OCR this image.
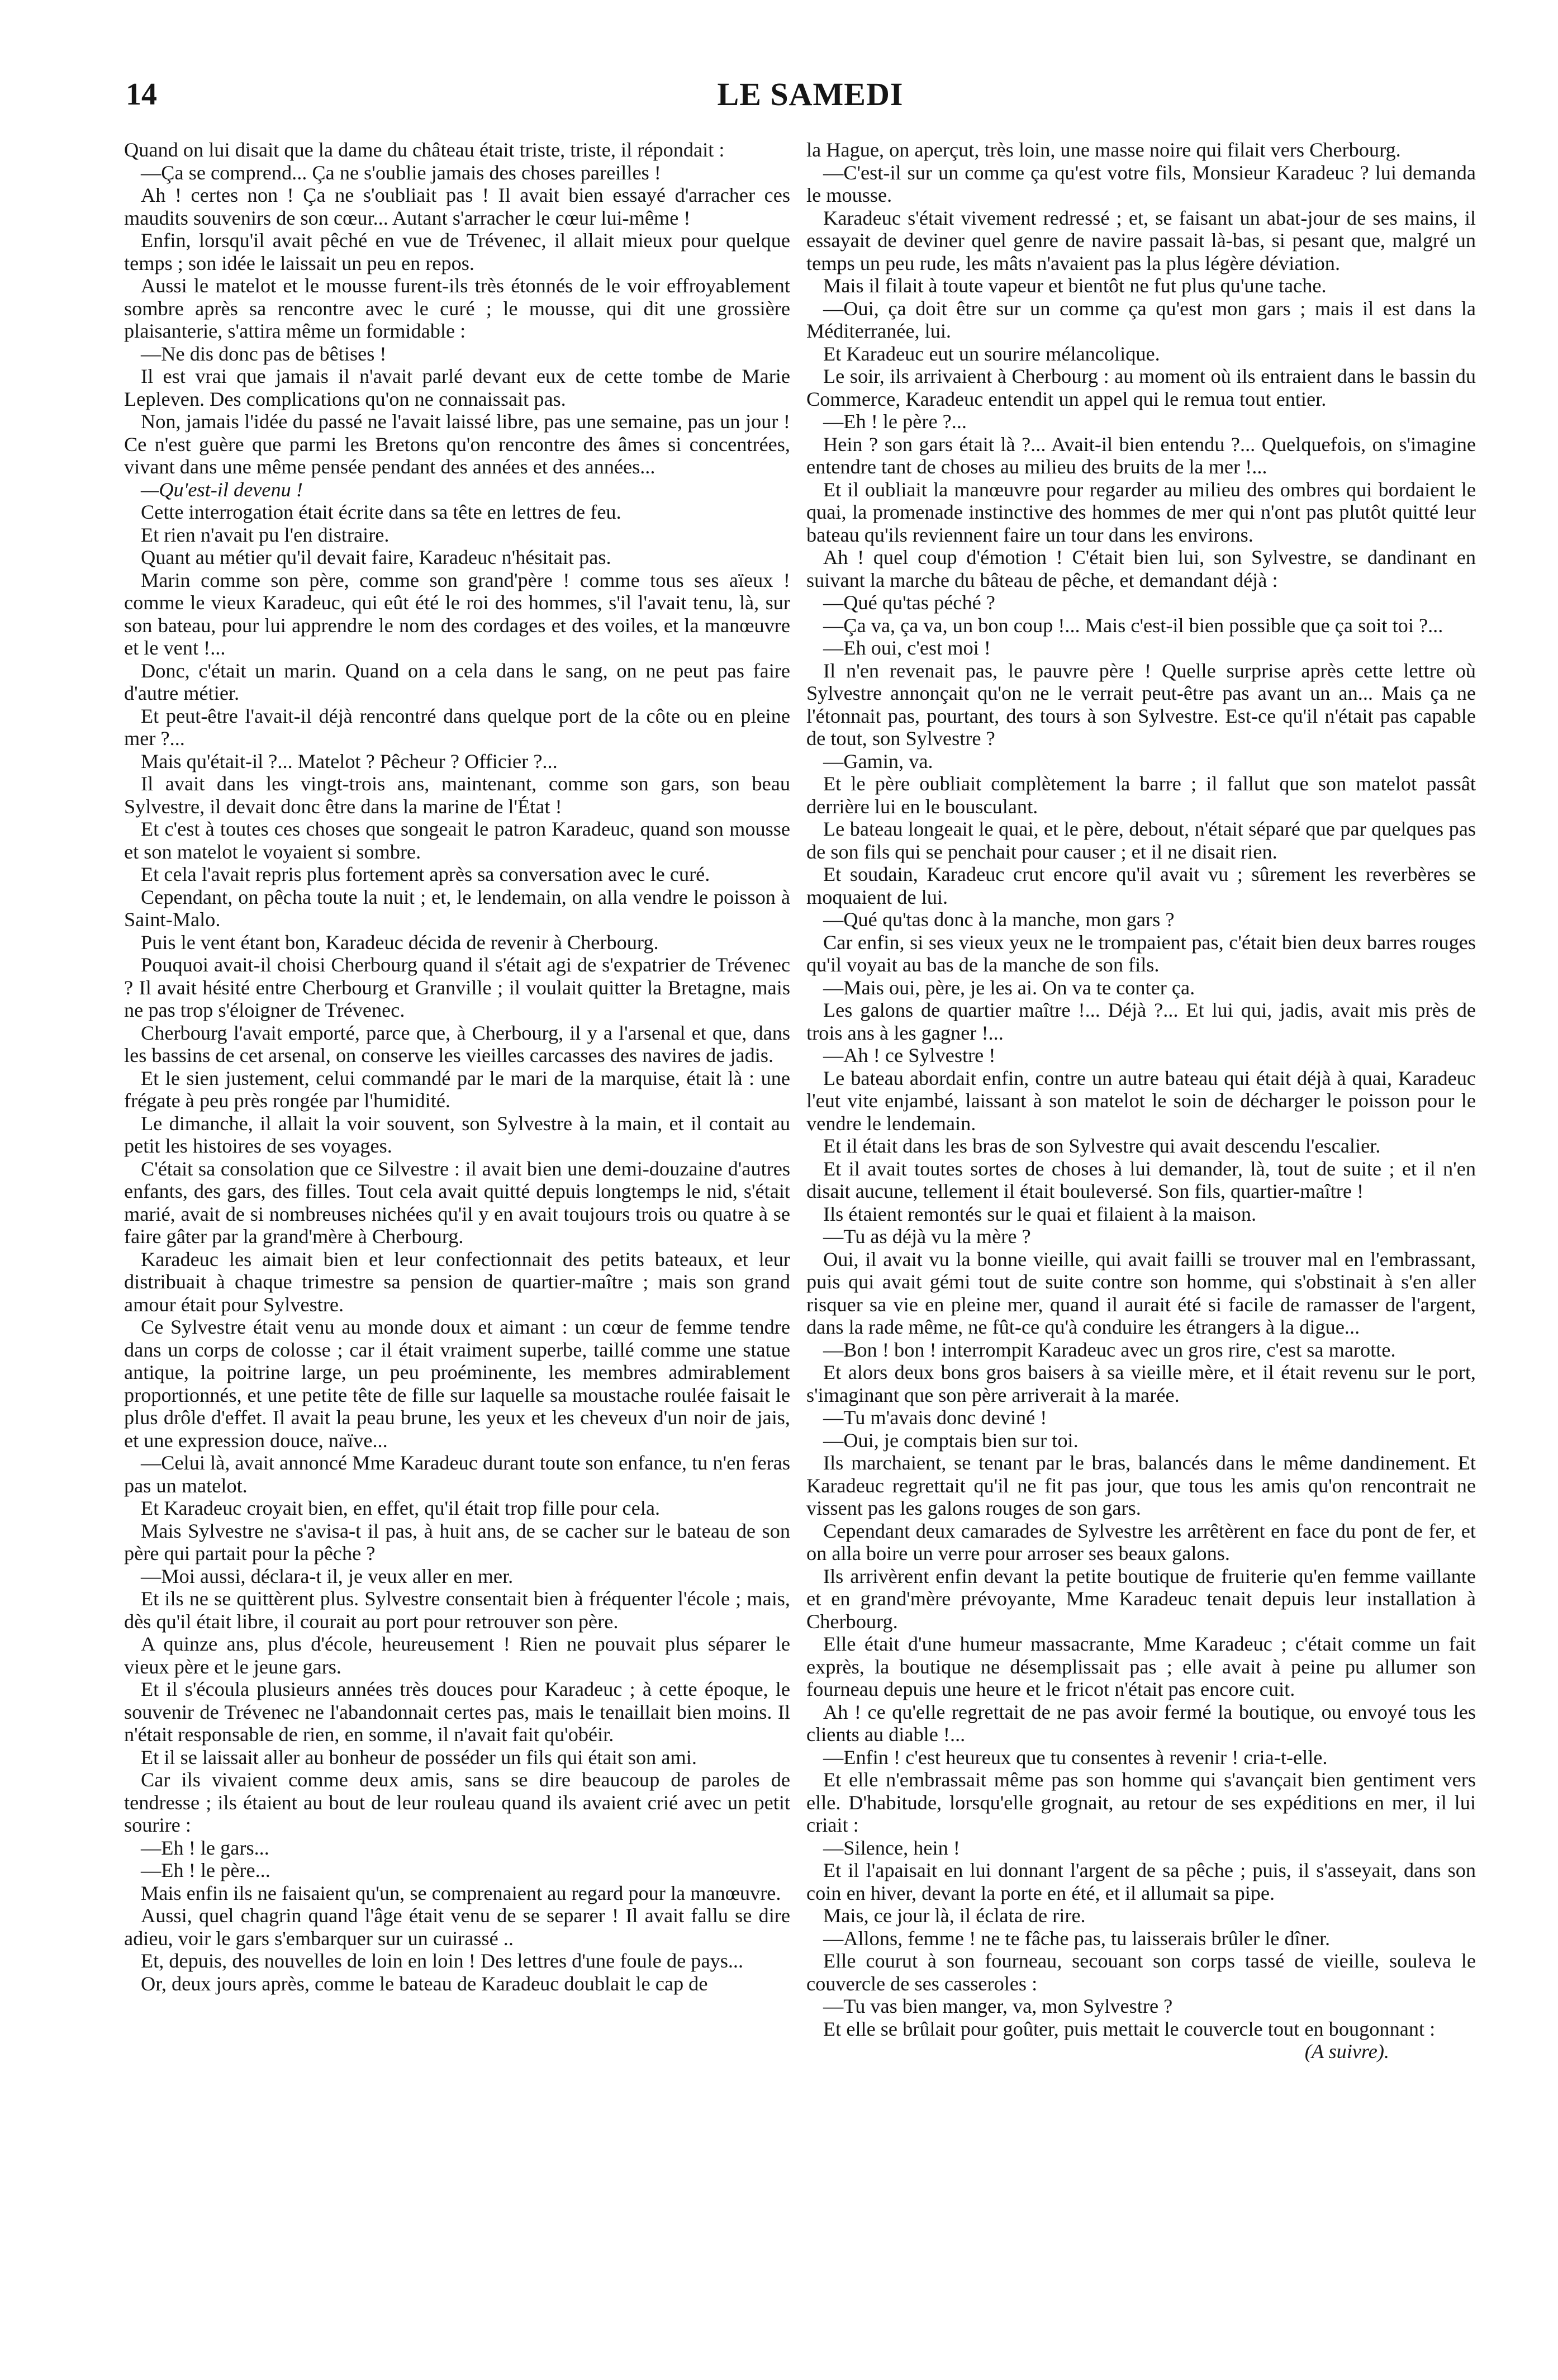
14	LE SAMEDI

Quand on lui disait que la dame du château était triste, triste, il répondait :

—Ça se comprend... Ça ne s'oublie jamais des choses pareilles !

Ah ! certes non ! Ça ne s'oubliait pas ! Il avait bien essayé d'arracher ces maudits souvenirs de son cœur... Autant s'arracher le cœur lui-même !

Enfin, lorsqu'il avait pêché en vue de Trévenec, il allait mieux pour quelque temps ; son idée le laissait un peu en repos.

Aussi le matelot et le mousse furent-ils très étonnés de le voir effroyablement sombre après sa rencontre avec le curé ; le mousse, qui dit une grossière plaisanterie, s'attira même un formidable :

—Ne dis donc pas de bêtises !

Il est vrai que jamais il n'avait parlé devant eux de cette tombe de Marie Lepleven. Des complications qu'on ne connaissait pas.

Non, jamais l'idée du passé ne l'avait laissé libre, pas une semaine, pas un jour ! Ce n'est guère que parmi les Bretons qu'on rencontre des âmes si concentrées, vivant dans une même pensée pendant des années et des années...

—Qu'est-il devenu !

Cette interrogation était écrite dans sa tête en lettres de feu.

Et rien n'avait pu l'en distraire.

Quant au métier qu'il devait faire, Karadeuc n'hésitait pas.

Marin comme son père, comme son grand'père ! comme tous ses aïeux ! comme le vieux Karadeuc, qui eût été le roi des hommes, s'il l'avait tenu, là, sur son bateau, pour lui apprendre le nom des cordages et des voiles, et la manœuvre et le vent !...

Donc, c'était un marin. Quand on a cela dans le sang, on ne peut pas faire d'autre métier.

Et peut-être l'avait-il déjà rencontré dans quelque port de la côte ou en pleine mer ?...

Mais qu'était-il ?... Matelot ? Pêcheur ? Officier ?...

Il avait dans les vingt-trois ans, maintenant, comme son gars, son beau Sylvestre, il devait donc être dans la marine de l'État !

Et c'est à toutes ces choses que songeait le patron Karadeuc, quand son mousse et son matelot le voyaient si sombre.

Et cela l'avait repris plus fortement après sa conversation avec le curé.

Cependant, on pêcha toute la nuit ; et, le lendemain, on alla vendre le poisson à Saint-Malo.

Puis le vent étant bon, Karadeuc décida de revenir à Cherbourg.

Pouquoi avait-il choisi Cherbourg quand il s'était agi de s'expatrier de Trévenec ? Il avait hésité entre Cherbourg et Granville ; il voulait quitter la Bretagne, mais ne pas trop s'éloigner de Trévenec.

Cherbourg l'avait emporté, parce que, à Cherbourg, il y a l'arsenal et que, dans les bassins de cet arsenal, on conserve les vieilles carcasses des navires de jadis.

Et le sien justement, celui commandé par le mari de la marquise, était là : une frégate à peu près rongée par l'humidité.

Le dimanche, il allait la voir souvent, son Sylvestre à la main, et il contait au petit les histoires de ses voyages.

C'était sa consolation que ce Silvestre : il avait bien une demi-douzaine d'autres enfants, des gars, des filles. Tout cela avait quitté depuis longtemps le nid, s'était marié, avait de si nombreuses nichées qu'il y en avait toujours trois ou quatre à se faire gâter par la grand'mère à Cherbourg.

Karadeuc les aimait bien et leur confectionnait des petits bateaux, et leur distribuait à chaque trimestre sa pension de quartier-maître ; mais son grand amour était pour Sylvestre.

Ce Sylvestre était venu au monde doux et aimant : un cœur de femme tendre dans un corps de colosse ; car il était vraiment superbe, taillé comme une statue antique, la poitrine large, un peu proéminente, les membres admirablement proportionnés, et une petite tête de fille sur laquelle sa moustache roulée faisait le plus drôle d'effet. Il avait la peau brune, les yeux et les cheveux d'un noir de jais, et une expression douce, naïve...

—Celui là, avait annoncé Mme Karadeuc durant toute son enfance, tu n'en feras pas un matelot.

Et Karadeuc croyait bien, en effet, qu'il était trop fille pour cela.

Mais Sylvestre ne s'avisa-t il pas, à huit ans, de se cacher sur le bateau de son père qui partait pour la pêche ?

—Moi aussi, déclara-t il, je veux aller en mer.

Et ils ne se quittèrent plus. Sylvestre consentait bien à fréquenter l'école ; mais, dès qu'il était libre, il courait au port pour retrouver son père.

A quinze ans, plus d'école, heureusement ! Rien ne pouvait plus séparer le vieux père et le jeune gars.

Et il s'écoula plusieurs années très douces pour Karadeuc ; à cette époque, le souvenir de Trévenec ne l'abandonnait certes pas, mais le tenaillait bien moins. Il n'était responsable de rien, en somme, il n'avait fait qu'obéir.

Et il se laissait aller au bonheur de posséder un fils qui était son ami.

Car ils vivaient comme deux amis, sans se dire beaucoup de paroles de tendresse ; ils étaient au bout de leur rouleau quand ils avaient crié avec un petit sourire :

—Eh ! le gars...

—Eh ! le père...

Mais enfin ils ne faisaient qu'un, se comprenaient au regard pour la manœuvre.

Aussi, quel chagrin quand l'âge était venu de se separer ! Il avait fallu se dire adieu, voir le gars s'embarquer sur un cuirassé ..

Et, depuis, des nouvelles de loin en loin ! Des lettres d'une foule de pays...

Or, deux jours après, comme le bateau de Karadeuc doublait le cap de

la Hague, on aperçut, très loin, une masse noire qui filait vers Cherbourg.

—C'est-il sur un comme ça qu'est votre fils, Monsieur Karadeuc ? lui demanda le mousse.

Karadeuc s'était vivement redressé ; et, se faisant un abat-jour de ses mains, il essayait de deviner quel genre de navire passait là-bas, si pesant que, malgré un temps un peu rude, les mâts n'avaient pas la plus légère déviation.

Mais il filait à toute vapeur et bientôt ne fut plus qu'une tache.

—Oui, ça doit être sur un comme ça qu'est mon gars ; mais il est dans la Méditerranée, lui.

Et Karadeuc eut un sourire mélancolique.

Le soir, ils arrivaient à Cherbourg : au moment où ils entraient dans le bassin du Commerce, Karadeuc entendit un appel qui le remua tout entier.

—Eh ! le père ?...

Hein ? son gars était là ?... Avait-il bien entendu ?... Quelquefois, on s'imagine entendre tant de choses au milieu des bruits de la mer !...

Et il oubliait la manœuvre pour regarder au milieu des ombres qui bordaient le quai, la promenade instinctive des hommes de mer qui n'ont pas plutôt quitté leur bateau qu'ils reviennent faire un tour dans les environs.

Ah ! quel coup d'émotion ! C'était bien lui, son Sylvestre, se dandinant en suivant la marche du bâteau de pêche, et demandant déjà :

—Qué qu'tas péché ?

—Ça va, ça va, un bon coup !... Mais c'est-il bien possible que ça soit toi ?...

—Eh oui, c'est moi !

Il n'en revenait pas, le pauvre père ! Quelle surprise après cette lettre où Sylvestre annonçait qu'on ne le verrait peut-être pas avant un an... Mais ça ne l'étonnait pas, pourtant, des tours à son Sylvestre. Est-ce qu'il n'était pas capable de tout, son Sylvestre ?

—Gamin, va.

Et le père oubliait complètement la barre ; il fallut que son matelot passât derrière lui en le bousculant.

Le bateau longeait le quai, et le père, debout, n'était séparé que par quelques pas de son fils qui se penchait pour causer ; et il ne disait rien.

Et soudain, Karadeuc crut encore qu'il avait vu ; sûrement les reverbères se moquaient de lui.

—Qué qu'tas donc à la manche, mon gars ?

Car enfin, si ses vieux yeux ne le trompaient pas, c'était bien deux barres rouges qu'il voyait au bas de la manche de son fils.

—Mais oui, père, je les ai. On va te conter ça.

Les galons de quartier maître !... Déjà ?... Et lui qui, jadis, avait mis près de trois ans à les gagner !...

—Ah ! ce Sylvestre !

Le bateau abordait enfin, contre un autre bateau qui était déjà à quai, Karadeuc l'eut vite enjambé, laissant à son matelot le soin de décharger le poisson pour le vendre le lendemain.

Et il était dans les bras de son Sylvestre qui avait descendu l'escalier.

Et il avait toutes sortes de choses à lui demander, là, tout de suite ; et il n'en disait aucune, tellement il était bouleversé. Son fils, quartier-maître !

Ils étaient remontés sur le quai et filaient à la maison.

—Tu as déjà vu la mère ?

Oui, il avait vu la bonne vieille, qui avait failli se trouver mal en l'embrassant, puis qui avait gémi tout de suite contre son homme, qui s'obstinait à s'en aller risquer sa vie en pleine mer, quand il aurait été si facile de ramasser de l'argent, dans la rade même, ne fût-ce qu'à conduire les étrangers à la digue...

—Bon ! bon ! interrompit Karadeuc avec un gros rire, c'est sa marotte.

Et alors deux bons gros baisers à sa vieille mère, et il était revenu sur le port, s'imaginant que son père arriverait à la marée.

—Tu m'avais donc deviné !

—Oui, je comptais bien sur toi.

Ils marchaient, se tenant par le bras, balancés dans le même dandinement. Et Karadeuc regrettait qu'il ne fit pas jour, que tous les amis qu'on rencontrait ne vissent pas les galons rouges de son gars.

Cependant deux camarades de Sylvestre les arrêtèrent en face du pont de fer, et on alla boire un verre pour arroser ses beaux galons.

Ils arrivèrent enfin devant la petite boutique de fruiterie qu'en femme vaillante et en grand'mère prévoyante, Mme Karadeuc tenait depuis leur installation à Cherbourg.

Elle était d'une humeur massacrante, Mme Karadeuc ; c'était comme un fait exprès, la boutique ne désemplissait pas ; elle avait à peine pu allumer son fourneau depuis une heure et le fricot n'était pas encore cuit.

Ah ! ce qu'elle regrettait de ne pas avoir fermé la boutique, ou envoyé tous les clients au diable !...

—Enfin ! c'est heureux que tu consentes à revenir ! cria-t-elle.

Et elle n'embrassait même pas son homme qui s'avançait bien gentiment vers elle. D'habitude, lorsqu'elle grognait, au retour de ses expéditions en mer, il lui criait :

—Silence, hein !

Et il l'apaisait en lui donnant l'argent de sa pêche ; puis, il s'asseyait, dans son coin en hiver, devant la porte en été, et il allumait sa pipe.

Mais, ce jour là, il éclata de rire.

—Allons, femme ! ne te fâche pas, tu laisserais brûler le dîner.

Elle courut à son fourneau, secouant son corps tassé de vieille, souleva le couvercle de ses casseroles :

—Tu vas bien manger, va, mon Sylvestre ?

Et elle se brûlait pour goûter, puis mettait le couvercle tout en bougonnant :

(A suivre).
